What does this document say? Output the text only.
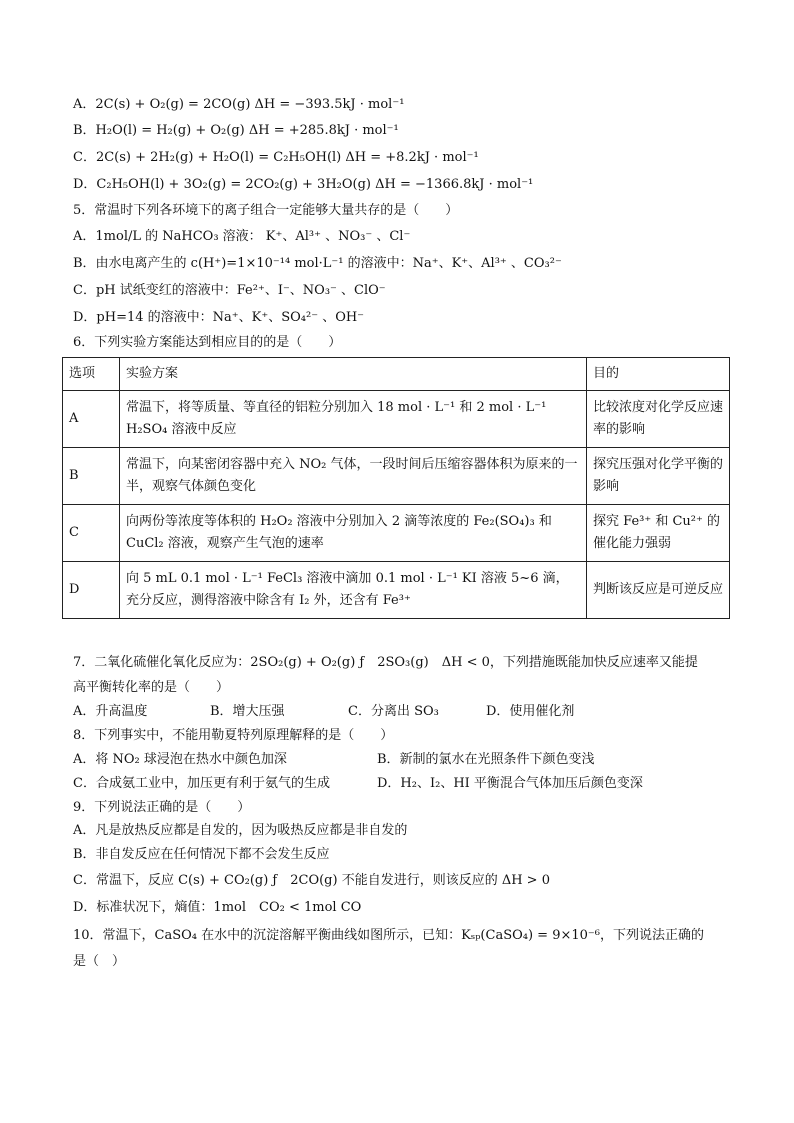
A．2C(s) + O₂(g) = 2CO(g) ΔH = −393.5kJ · mol⁻¹
B．H₂O(l) = H₂(g) + O₂(g) ΔH = +285.8kJ · mol⁻¹
C．2C(s) + 2H₂(g) + H₂O(l) = C₂H₅OH(l) ΔH = +8.2kJ · mol⁻¹
D．C₂H₅OH(l) + 3O₂(g) = 2CO₂(g) + 3H₂O(g) ΔH = −1366.8kJ · mol⁻¹
5．常温时下列各环境下的离子组合一定能够大量共存的是（　　）
A．1mol/L 的 NaHCO₃ 溶液： K⁺、Al³⁺ 、NO₃⁻ 、Cl⁻
B．由水电离产生的 c(H⁺)=1×10⁻¹⁴ mol·L⁻¹ 的溶液中：Na⁺、K⁺、Al³⁺ 、CO₃²⁻
C．pH 试纸变红的溶液中：Fe²⁺、I⁻、NO₃⁻ 、ClO⁻
D．pH=14 的溶液中：Na⁺、K⁺、SO₄²⁻ 、OH⁻
6．下列实验方案能达到相应目的的是（　　）
选项	实验方案	目的
A	常温下，将等质量、等直径的铝粒分别加入 18 mol · L⁻¹ 和 2 mol · L⁻¹ H₂SO₄ 溶液中反应	比较浓度对化学反应速率的影响
B	常温下，向某密闭容器中充入 NO₂ 气体，一段时间后压缩容器体积为原来的一半，观察气体颜色变化	探究压强对化学平衡的影响
C	向两份等浓度等体积的 H₂O₂ 溶液中分别加入 2 滴等浓度的 Fe₂(SO₄)₃ 和 CuCl₂ 溶液，观察产生气泡的速率	探究 Fe³⁺ 和 Cu²⁺ 的催化能力强弱
D	向 5 mL 0.1 mol · L⁻¹ FeCl₃ 溶液中滴加 0.1 mol · L⁻¹ KI 溶液 5~6 滴，充分反应，测得溶液中除含有 I₂ 外，还含有 Fe³⁺	判断该反应是可逆反应
7．二氧化硫催化氧化反应为：2SO₂(g) + O₂(g) ƒ　2SO₃(g)　ΔH < 0，下列措施既能加快反应速率又能提
高平衡转化率的是（　　）
A．升高温度	B．增大压强	C．分离出 SO₃	D．使用催化剂
8．下列事实中，不能用勒夏特列原理解释的是（　　）
A．将 NO₂ 球浸泡在热水中颜色加深	B．新制的氯水在光照条件下颜色变浅
C．合成氨工业中，加压更有利于氨气的生成	D．H₂、I₂、HI 平衡混合气体加压后颜色变深
9．下列说法正确的是（　　）
A．凡是放热反应都是自发的，因为吸热反应都是非自发的
B．非自发反应在任何情况下都不会发生反应
C．常温下，反应 C(s) + CO₂(g) ƒ　2CO(g) 不能自发进行，则该反应的 ΔH > 0
D．标准状况下，熵值：1mol　CO₂ < 1mol CO
10．常温下，CaSO₄ 在水中的沉淀溶解平衡曲线如图所示，已知：Kₛₚ(CaSO₄) = 9×10⁻⁶，下列说法正确的
是（　）
